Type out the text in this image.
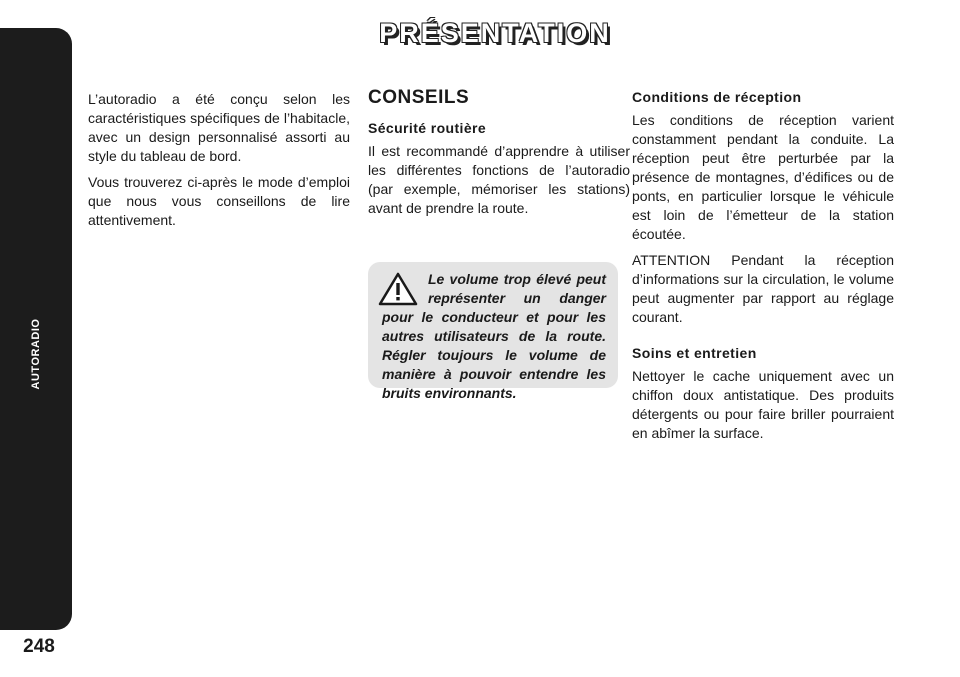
AUTORADIO
248
PRÉSENTATION

L’autoradio a été conçu selon les caractéristiques spécifiques de l’habitacle, avec un design personnalisé assorti au style du tableau de bord.

Vous trouverez ci-après le mode d’emploi que nous vous conseillons de lire attentivement.

CONSEILS
Sécurité routière

Il est recommandé d’apprendre à utiliser les différentes fonctions de l’autoradio (par exemple, mémoriser les stations) avant de prendre la route.

Le volume trop élevé peut représenter un danger pour le conducteur et pour les autres utilisateurs de la route. Régler toujours le volume de manière à pouvoir entendre les bruits environnants.

Conditions de réception

Les conditions de réception varient constamment pendant la conduite. La réception peut être perturbée par la présence de montagnes, d’édifices ou de ponts, en particulier lorsque le véhicule est loin de l’émetteur de la station écoutée.

ATTENTION Pendant la réception d’informations sur la circulation, le volume peut augmenter par rapport au réglage courant.

Soins et entretien

Nettoyer le cache uniquement avec un chiffon doux antistatique. Des produits détergents ou pour faire briller pourraient en abîmer la surface.
